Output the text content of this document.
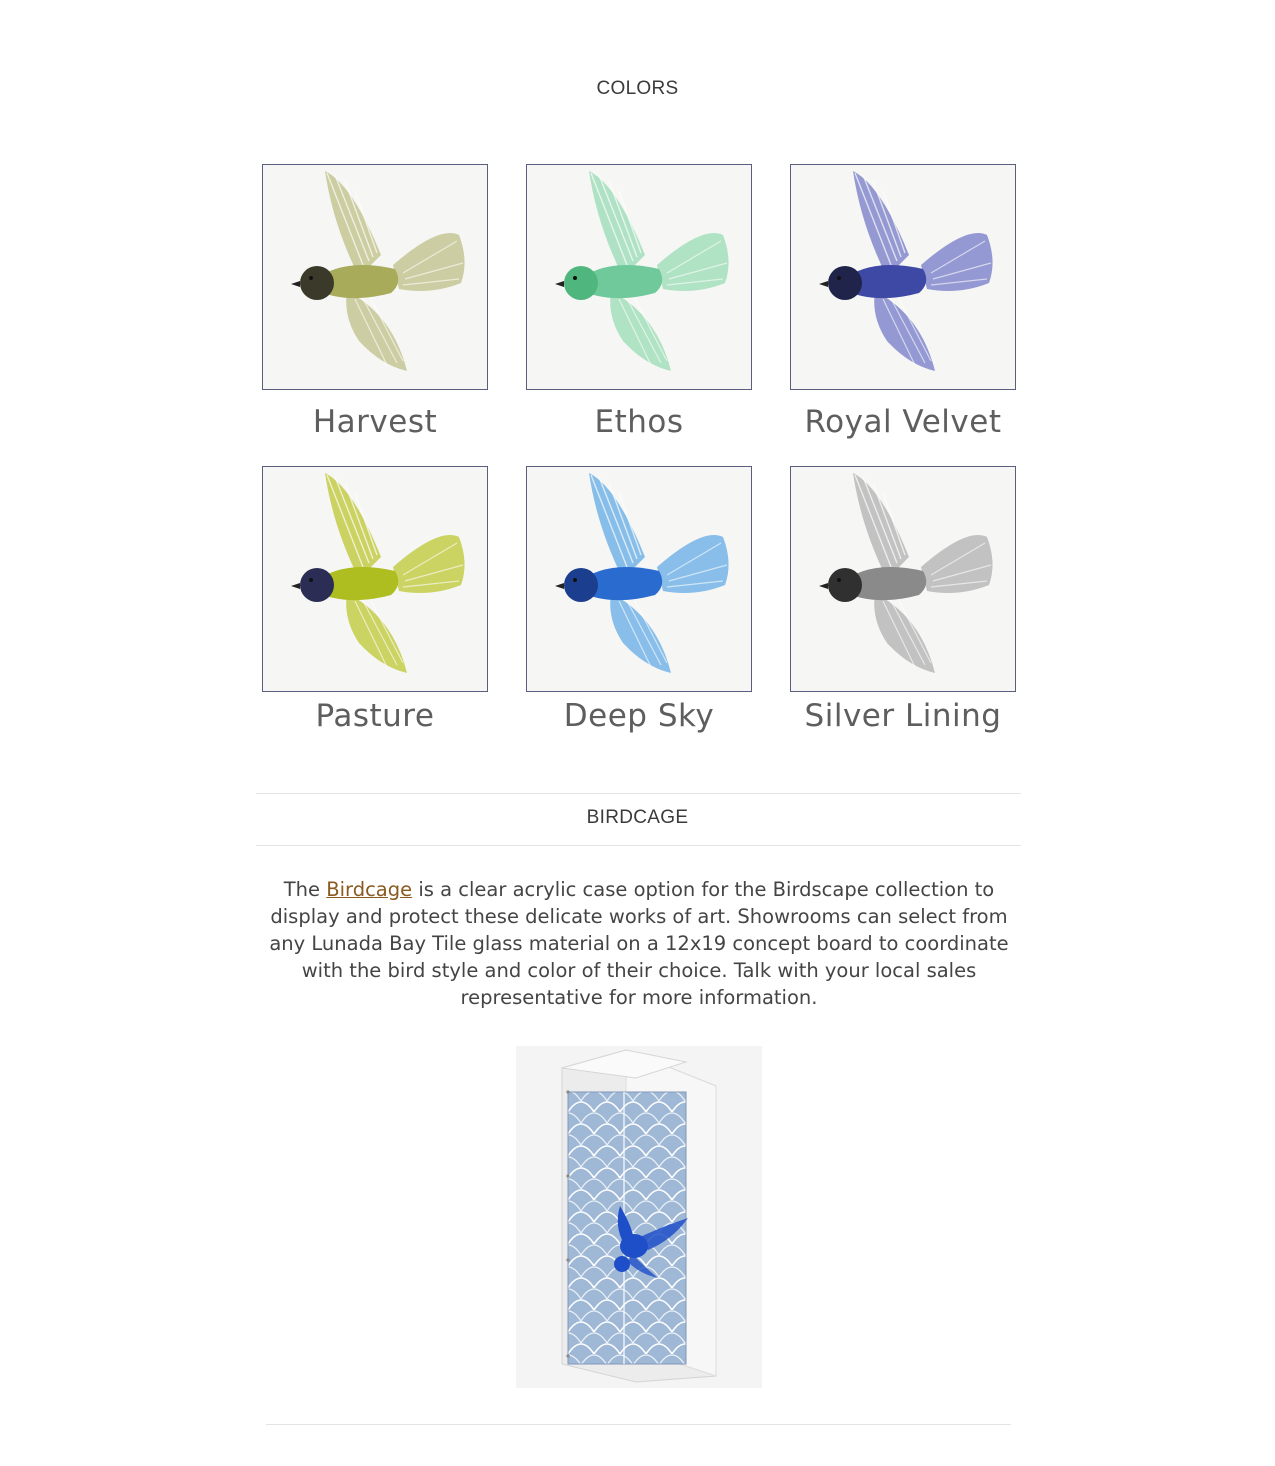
COLORS
Harvest	Ethos	Royal Velvet
Pasture	Deep Sky	Silver Lining
BIRDCAGE
The Birdcage is a clear acrylic case option for the Birdscape collection to display and protect these delicate works of art. Showrooms can select from any Lunada Bay Tile glass material on a 12x19 concept board to coordinate with the bird style and color of their choice. Talk with your local sales representative for more information.
